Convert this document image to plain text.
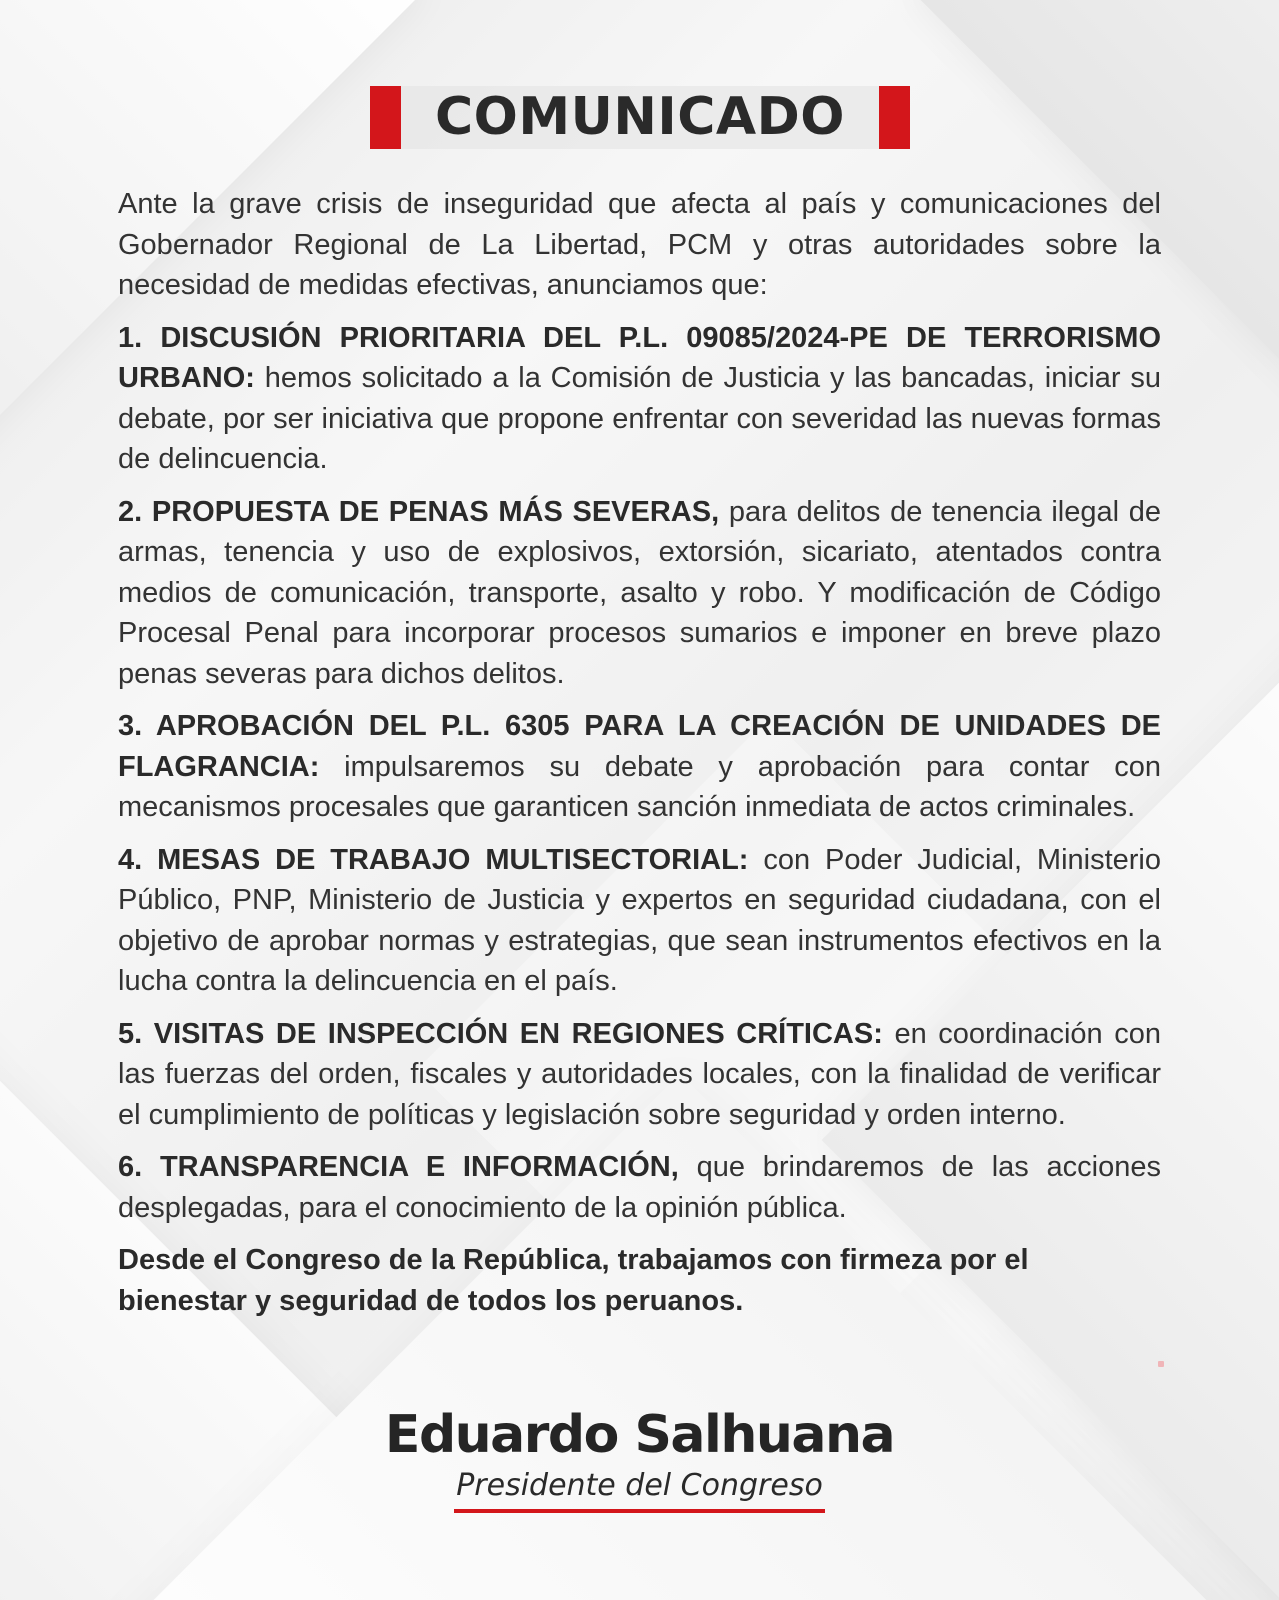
COMUNICADO

Ante la grave crisis de inseguridad que afecta al país y comunicaciones del Gobernador Regional de La Libertad, PCM y otras autoridades sobre la necesidad de medidas efectivas, anunciamos que:

1. DISCUSIÓN PRIORITARIA DEL P.L. 09085/2024-PE DE TERRORISMO URBANO: hemos solicitado a la Comisión de Justicia y las bancadas, iniciar su debate, por ser iniciativa que propone enfrentar con severidad las nuevas formas de delincuencia.

2. PROPUESTA DE PENAS MÁS SEVERAS, para delitos de tenencia ilegal de armas, tenencia y uso de explosivos, extorsión, sicariato, atentados contra medios de comunicación, transporte, asalto y robo. Y modificación de Código Procesal Penal para incorporar procesos sumarios e imponer en breve plazo penas severas para dichos delitos.

3. APROBACIÓN DEL P.L. 6305 PARA LA CREACIÓN DE UNIDADES DE FLAGRANCIA: impulsaremos su debate y aprobación para contar con mecanismos procesales que garanticen sanción inmediata de actos criminales.

4. MESAS DE TRABAJO MULTISECTORIAL: con Poder Judicial, Ministerio Público, PNP, Ministerio de Justicia y expertos en seguridad ciudadana, con el objetivo de aprobar normas y estrategias, que sean instrumentos efectivos en la lucha contra la delincuencia en el país.

5. VISITAS DE INSPECCIÓN EN REGIONES CRÍTICAS: en coordinación con las fuerzas del orden, fiscales y autoridades locales, con la finalidad de verificar el cumplimiento de políticas y legislación sobre seguridad y orden interno.

6. TRANSPARENCIA E INFORMACIÓN, que brindaremos de las acciones desplegadas, para el conocimiento de la opinión pública.

Desde el Congreso de la República, trabajamos con firmeza por el bienestar y seguridad de todos los peruanos.

Eduardo Salhuana
Presidente del Congreso
